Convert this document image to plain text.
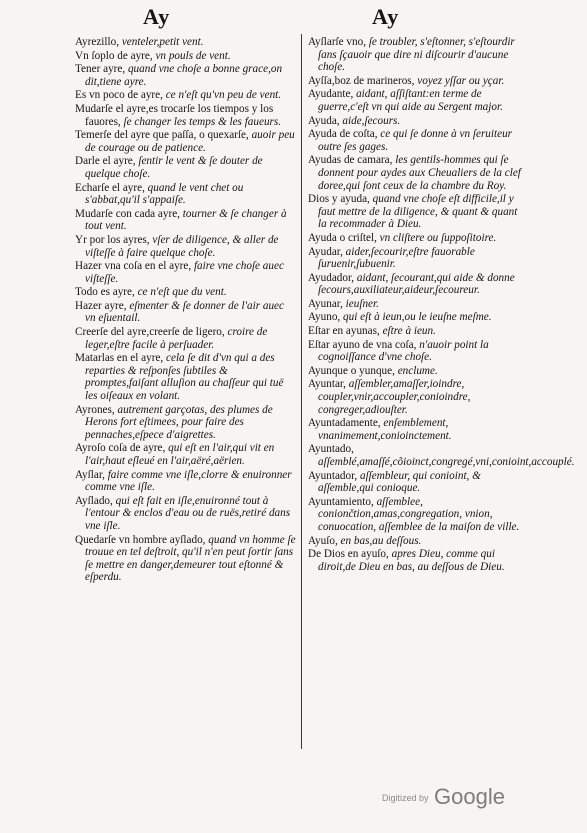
Ay	Ay

Ayrezillo, venteler,petit vent.

Vn ſoplo de ayre, vn pouls de vent.

Tener ayre, quand vne choſe a bonne grace,on dit,tiene ayre.

Es vn poco de ayre, ce n'eſt qu'vn peu de vent.

Mudarſe el ayre,es trocarſe los tiempos y los fauores, ſe changer les temps & les faueurs.

Temerſe del ayre que paſſa, o quexarſe, auoir peu de courage ou de patience.

Darle el ayre, ſentir le vent & ſe douter de quelque choſe.

Echarſe el ayre, quand le vent chet ou s'abbat,qu'il s'appaiſe.

Mudarſe con cada ayre, tourner & ſe changer à tout vent.

Yr por los ayres, vſer de diligence, & aller de viſteſſe à faire quelque choſe.

Hazer vna coſa en el ayre, faire vne choſe auec viſteſſe.

Todo es ayre, ce n'eſt que du vent.

Hazer ayre, eſmenter & ſe donner de l'air auec vn eſuentail.

Creerſe del ayre,creerſe de ligero, croire de leger,eſtre facile à perſuader.

Matarlas en el ayre, cela ſe dit d'vn qui a des reparties & reſponſes ſubtiles & promptes,faiſant alluſion au chaſſeur qui tuë les oiſeaux en volant.

Ayrones, autrement garçotas, des plumes de Herons fort eſtimees, pour faire des pennaches,eſpece d'aigrettes.

Ayroſo coſa de ayre, qui eſt en l'air,qui vit en l'air,haut eſleué en l'air,aëré,aërien.

Ayſlar, faire comme vne iſle,clorre & enuironner comme vne iſle.

Ayſlado, qui eſt fait en iſle,enuironné tout à l'entour & enclos d'eau ou de ruës,retiré dans vne iſle.

Quedarſe vn hombre ayſlado, quand vn homme ſe trouue en tel deſtroit, qu'il n'en peut ſortir ſans ſe mettre en danger,demeurer tout eſtonné & eſperdu.

Ayſlarſe vno, ſe troubler, s'eſtonner, s'eſtourdir ſans ſçauoir que dire ni diſcourir d'aucune choſe.

Ayſſa,boz de marineros, voyez yſſar ou yçar.

Ayudante, aidant, aſſiſtant:en terme de guerre,c'eſt vn qui aide au Sergent major.

Ayuda, aide,ſecours.

Ayuda de coſta, ce qui ſe donne à vn ſeruiteur outre ſes gages.

Ayudas de camara, les gentils-hommes qui ſe donnent pour aydes aux Cheualiers de la clef doree,qui ſont ceux de la chambre du Roy.

Dios y ayuda, quand vne choſe eſt difficile,il y faut mettre de la diligence, & quant & quant la recommader à Dieu.

Ayuda o criſtel, vn cliſtere ou ſuppoſitoire.

Ayudar, aider,ſecourir,eſtre fauorable ſuruenir,ſubuenir.

Ayudador, aidant, ſecourant,qui aide & donne ſecours,auxiliateur,aideur,ſecoureur.

Ayunar, ieuſner.

Ayuno, qui eſt à ieun,ou le ieuſne meſme.

Eſtar en ayunas, eſtre à ieun.

Eſtar ayuno de vna coſa, n'auoir point la cognoiſſance d'vne choſe.

Ayunque o yunque, enclume.

Ayuntar, aſſembler,amaſſer,ioindre, coupler,vnir,accoupler,conioindre, congreger,adiouſter.

Ayuntadamente, enſemblement, vnanimement,conioinctement.

Ayuntado, aſſemblé,amaſſé,cõioinct,congregé,vni,conioint,accouplé.

Ayuntador, aſſembleur, qui conioint, & aſſemble,qui conioque.

Ayuntamiento, aſſemblee, coniončtion,amas,congregation, vnion, conuocation, aſſemblee de la maiſon de ville.

Ayuſo, en bas,au deſſous.

De Dios en ayuſo, apres Dieu, comme qui diroit,de Dieu en bas, au deſſous de Dieu.

Digitized by Google
